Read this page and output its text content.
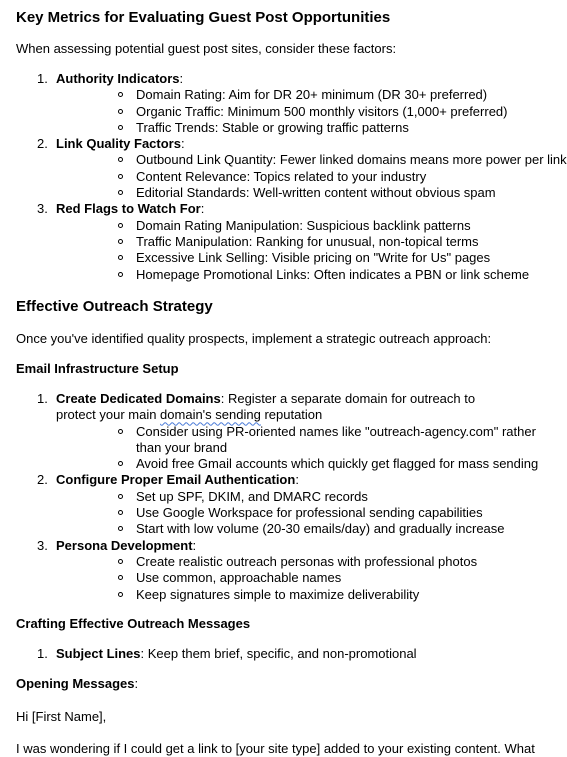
Key Metrics for Evaluating Guest Post Opportunities

When assessing potential guest post sites, consider these factors:

1. Authority Indicators:
Domain Rating: Aim for DR 20+ minimum (DR 30+ preferred)
Organic Traffic: Minimum 500 monthly visitors (1,000+ preferred)
Traffic Trends: Stable or growing traffic patterns
2. Link Quality Factors:
Outbound Link Quantity: Fewer linked domains means more power per link
Content Relevance: Topics related to your industry
Editorial Standards: Well-written content without obvious spam
3. Red Flags to Watch For:
Domain Rating Manipulation: Suspicious backlink patterns
Traffic Manipulation: Ranking for unusual, non-topical terms
Excessive Link Selling: Visible pricing on "Write for Us" pages
Homepage Promotional Links: Often indicates a PBN or link scheme
Effective Outreach Strategy

Once you've identified quality prospects, implement a strategic outreach approach:

Email Infrastructure Setup
1. Create Dedicated Domains: Register a separate domain for outreach to protect your main domain's sending reputation
Consider using PR-oriented names like "outreach-agency.com" rather than your brand
Avoid free Gmail accounts which quickly get flagged for mass sending
2. Configure Proper Email Authentication:
Set up SPF, DKIM, and DMARC records
Use Google Workspace for professional sending capabilities
Start with low volume (20-30 emails/day) and gradually increase
3. Persona Development:
Create realistic outreach personas with professional photos
Use common, approachable names
Keep signatures simple to maximize deliverability
Crafting Effective Outreach Messages
1. Subject Lines: Keep them brief, specific, and non-promotional

Opening Messages:

Hi [First Name],

I was wondering if I could get a link to [your site type] added to your existing content. What
